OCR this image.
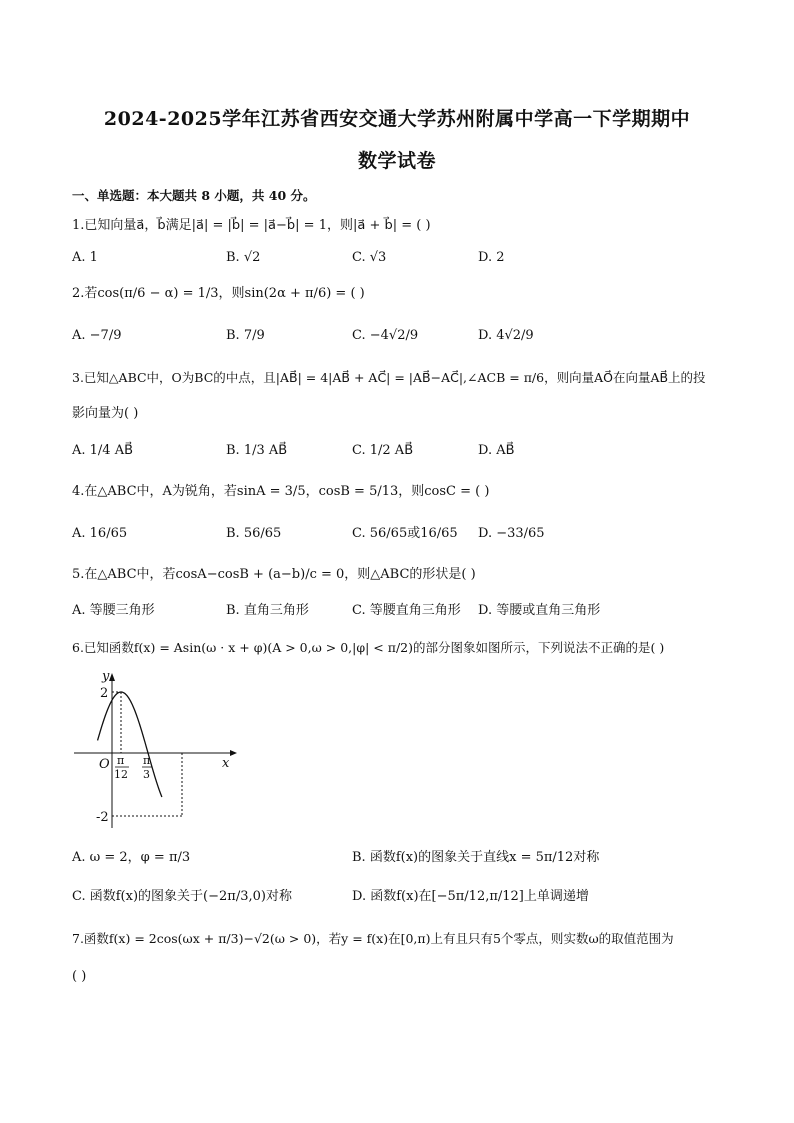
2024-2025学年江苏省西安交通大学苏州附属中学高一下学期期中
数学试卷
一、单选题：本大题共 8 小题，共 40 分。
1.已知向量a⃗，b⃗满足|a⃗| = |b⃗| = |a⃗−b⃗| = 1，则|a⃗ + b⃗| = ( )
A. 1	B. √2	C. √3	D. 2
2.若cos(π/6 − α) = 1/3，则sin(2α + π/6) = ( )
A. −7/9	B. 7/9	C. −4√2/9	D. 4√2/9
3.已知△ABC中，O为BC的中点，且|AB⃗| = 4|AB⃗ + AC⃗| = |AB⃗−AC⃗|,∠ACB = π/6，则向量AO⃗在向量AB⃗上的投
影向量为( )
A. 1/4 AB⃗	B. 1/3 AB⃗	C. 1/2 AB⃗	D. AB⃗
4.在△ABC中，A为锐角，若sinA = 3/5，cosB = 5/13，则cosC = ( )
A. 16/65	B. 56/65	C. 56/65或16/65 D. −33/65
5.在△ABC中，若cosA−cosB + (a−b)/c = 0，则△ABC的形状是( )
A. 等腰三角形	B. 直角三角形	C. 等腰直角三角形 D. 等腰或直角三角形
6.已知函数f(x) = Asin(ω · x + φ)(A > 0,ω > 0,|φ| < π/2)的部分图象如图所示，下列说法不正确的是( )
y
x
O
2
-2
π
12
π
3
A. ω = 2，φ = π/3	B. 函数f(x)的图象关于直线x = 5π/12对称
C. 函数f(x)的图象关于(−2π/3,0)对称	D. 函数f(x)在[−5π/12,π/12]上单调递增
7.函数f(x) = 2cos(ωx + π/3)−√2(ω > 0)，若y = f(x)在[0,π)上有且只有5个零点，则实数ω的取值范围为
( )
